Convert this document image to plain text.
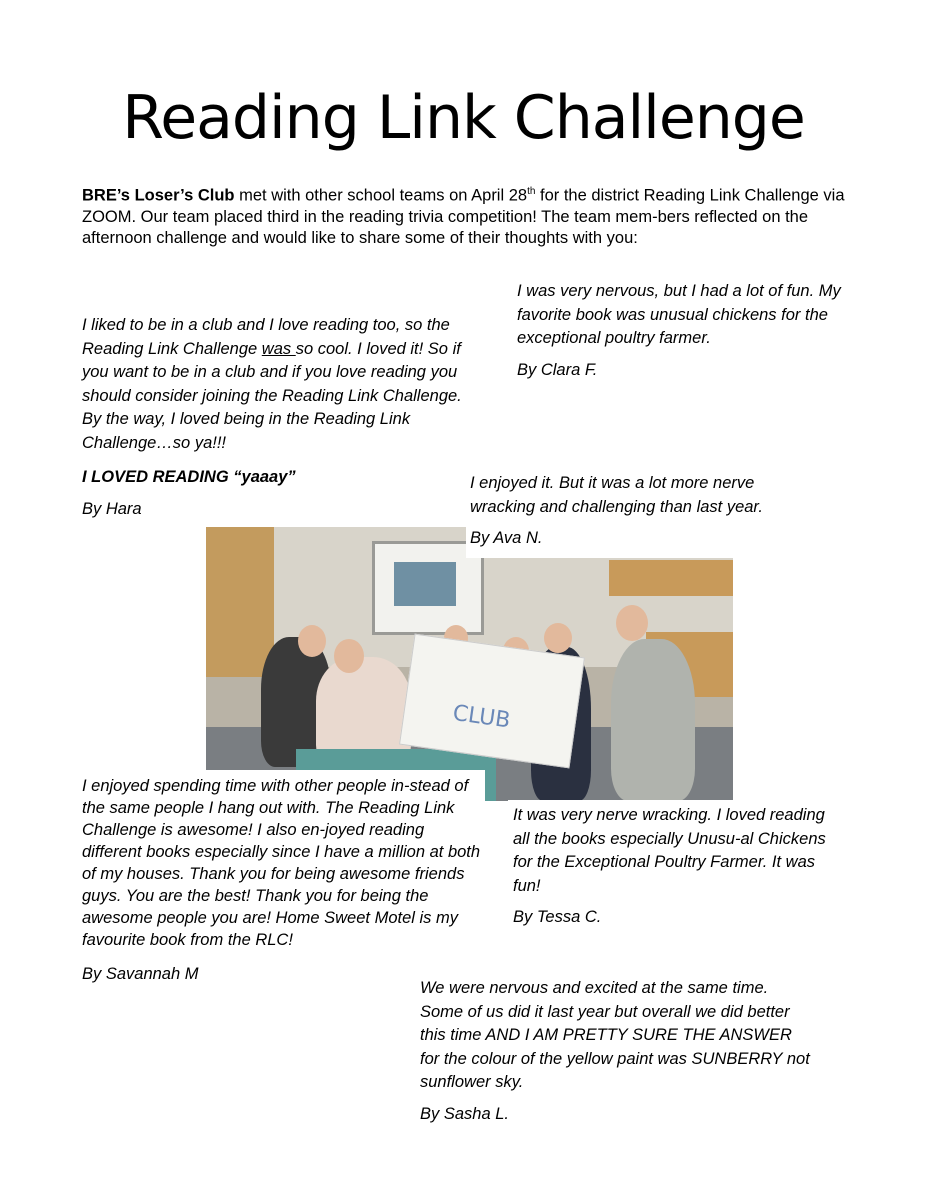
Reading Link Challenge
BRE’s Loser’s Club met with other school teams on April 28th for the district Reading Link Challenge via ZOOM. Our team placed third in the reading trivia competition! The team mem-bers reflected on the afternoon challenge and would like to share some of their thoughts with you:
CLUB

I was very nervous, but I had a lot of fun. My favorite book was unusual chickens for the exceptional poultry farmer.

By Clara F.

I liked to be in a club and I love reading too, so the Reading Link Challenge was so cool. I loved it! So if you want to be in a club and if you love reading you should consider joining the Reading Link Challenge. By the way, I loved being in the Reading Link Challenge…so ya!!!

I LOVED READING “yaaay”

By Hara

I enjoyed it. But it was a lot more nerve wracking and challenging than last year.

By Ava N.

I enjoyed spending time with other people in-stead of the same people I hang out with. The Reading Link Challenge is awesome! I also en-joyed reading different books especially since I have a million at both of my houses. Thank you for being awesome friends guys. You are the best! Thank you for being the awesome people you are! Home Sweet Motel is my favourite book from the RLC!

By Savannah M

It was very nerve wracking. I loved reading all the books especially Unusu-al Chickens for the Exceptional Poultry Farmer. It was fun!

By Tessa C.

We were nervous and excited at the same time. Some of us did it last year but overall we did better this time AND I AM PRETTY SURE THE ANSWER for the colour of the yellow paint was SUNBERRY not sunflower sky.

By Sasha L.
